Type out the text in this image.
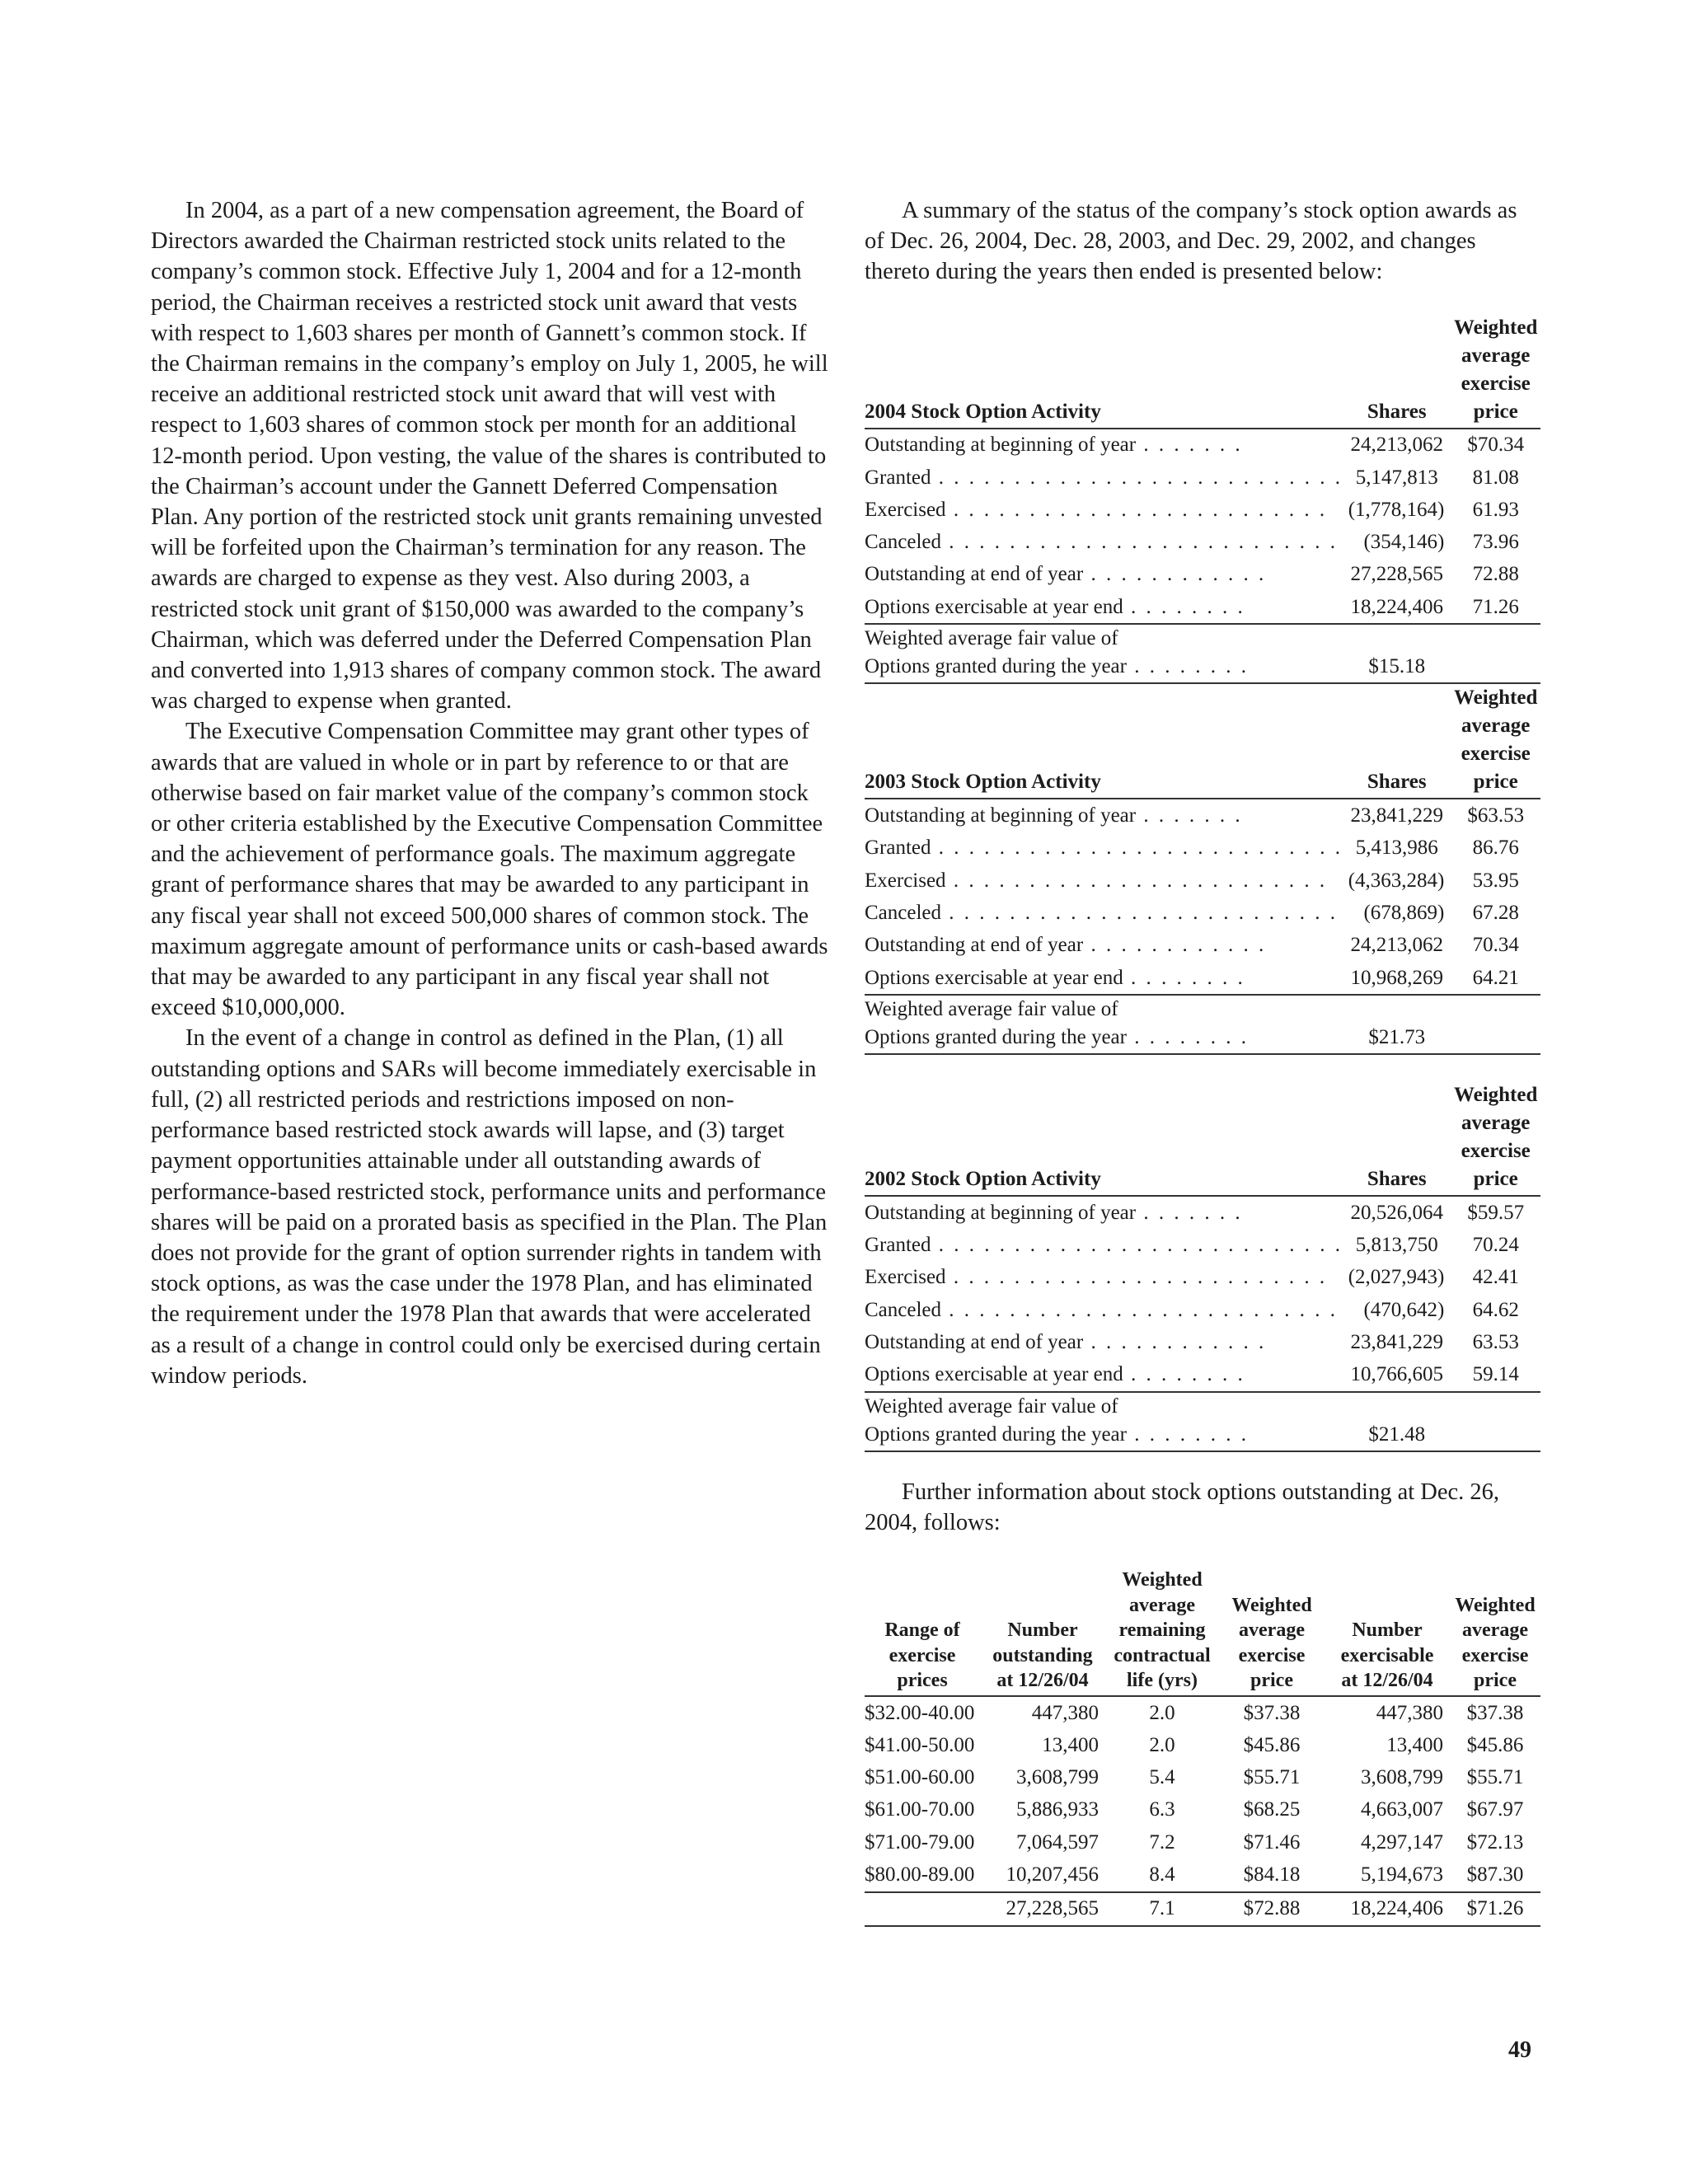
In 2004, as a part of a new compensation agreement, the Board of Directors awarded the Chairman restricted stock units related to the company’s common stock. Effective July 1, 2004 and for a 12-month period, the Chairman receives a restricted stock unit award that vests with respect to 1,603 shares per month of Gannett’s common stock. If the Chairman remains in the company’s employ on July 1, 2005, he will receive an additional restricted stock unit award that will vest with respect to 1,603 shares of common stock per month for an additional 12-month period. Upon vesting, the value of the shares is contributed to the Chairman’s account under the Gannett Deferred Compensation Plan. Any portion of the restricted stock unit grants remaining unvested will be forfeited upon the Chairman’s termination for any reason. The awards are charged to expense as they vest. Also during 2003, a restricted stock unit grant of $150,000 was awarded to the company’s Chairman, which was deferred under the Deferred Compensation Plan and converted into 1,913 shares of company common stock. The award was charged to expense when granted.

The Executive Compensation Committee may grant other types of awards that are valued in whole or in part by reference to or that are otherwise based on fair market value of the company’s common stock or other criteria established by the Executive Compensation Committee and the achievement of performance goals. The maximum aggregate grant of performance shares that may be awarded to any participant in any fiscal year shall not exceed 500,000 shares of common stock. The maximum aggregate amount of performance units or cash-based awards that may be awarded to any participant in any fiscal year shall not exceed $10,000,000.

In the event of a change in control as defined in the Plan, (1) all outstanding options and SARs will become immediately exercisable in full, (2) all restricted periods and restrictions imposed on non-performance based restricted stock awards will lapse, and (3) target payment opportunities attainable under all outstanding awards of performance-based restricted stock, performance units and performance shares will be paid on a prorated basis as specified in the Plan. The Plan does not provide for the grant of option surrender rights in tandem with stock options, as was the case under the 1978 Plan, and has eliminated the requirement under the 1978 Plan that awards that were accelerated as a result of a change in control could only be exercised during certain window periods.

A summary of the status of the company’s stock option awards as of Dec. 26, 2004, Dec. 28, 2003, and Dec. 29, 2002, and changes thereto during the years then ended is presented below:

2004 Stock Option Activity	Shares	Weighted
average
exercise price
Outstanding at beginning of year . . . . . . .	24,213,062	$70.34
Granted . . . . . . . . . . . . . . . . . . . . . . . . . . .	5,147,813	81.08
Exercised . . . . . . . . . . . . . . . . . . . . . . . . .	(1,778,164)	61.93
Canceled . . . . . . . . . . . . . . . . . . . . . . . . . .	(354,146)	73.96
Outstanding at end of year . . . . . . . . . . . .	27,228,565	72.88
Options exercisable at year end . . . . . . . .	18,224,406	71.26
Weighted average fair value of
Options granted during the year . . . . . . . .	$15.18	
2003 Stock Option Activity	Shares	Weighted
average
exercise price
Outstanding at beginning of year . . . . . . .	23,841,229	$63.53
Granted . . . . . . . . . . . . . . . . . . . . . . . . . . .	5,413,986	86.76
Exercised . . . . . . . . . . . . . . . . . . . . . . . . .	(4,363,284)	53.95
Canceled . . . . . . . . . . . . . . . . . . . . . . . . . .	(678,869)	67.28
Outstanding at end of year . . . . . . . . . . . .	24,213,062	70.34
Options exercisable at year end . . . . . . . .	10,968,269	64.21
Weighted average fair value of
Options granted during the year . . . . . . . .	$21.73	
2002 Stock Option Activity	Shares	Weighted
average
exercise price
Outstanding at beginning of year . . . . . . .	20,526,064	$59.57
Granted . . . . . . . . . . . . . . . . . . . . . . . . . . .	5,813,750	70.24
Exercised . . . . . . . . . . . . . . . . . . . . . . . . .	(2,027,943)	42.41
Canceled . . . . . . . . . . . . . . . . . . . . . . . . . .	(470,642)	64.62
Outstanding at end of year . . . . . . . . . . . .	23,841,229	63.53
Options exercisable at year end . . . . . . . .	10,766,605	59.14
Weighted average fair value of
Options granted during the year . . . . . . . .	$21.48	

Further information about stock options outstanding at Dec. 26, 2004, follows:

Range of
exercise
prices	Number
outstanding
at 12/26/04	Weighted
average
remaining
contractual
life (yrs)	Weighted
average
exercise
price	Number
exercisable
at 12/26/04	Weighted
average
exercise
price
$32.00-40.00	447,380	2.0	$37.38	447,380	$37.38
$41.00-50.00	13,400	2.0	$45.86	13,400	$45.86
$51.00-60.00	3,608,799	5.4	$55.71	3,608,799	$55.71
$61.00-70.00	5,886,933	6.3	$68.25	4,663,007	$67.97
$71.00-79.00	7,064,597	7.2	$71.46	4,297,147	$72.13
$80.00-89.00	10,207,456	8.4	$84.18	5,194,673	$87.30
	27,228,565	7.1	$72.88	18,224,406	$71.26
49
